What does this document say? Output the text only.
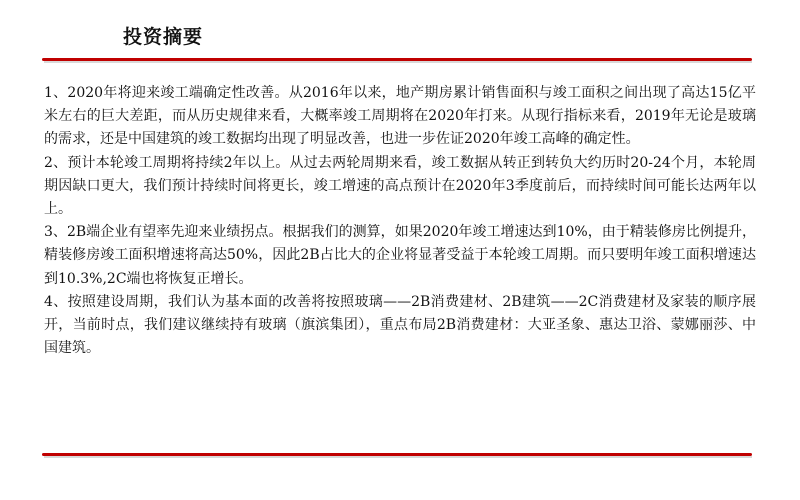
投资摘要

1、2020年将迎来竣工端确定性改善。从2016年以来，地产期房累计销售面积与竣工面积之间出现了高达15亿平米左右的巨大差距，而从历史规律来看，大概率竣工周期将在2020年打来。从现行指标来看，2019年无论是玻璃的需求，还是中国建筑的竣工数据均出现了明显改善，也进一步佐证2020年竣工高峰的确定性。

2、预计本轮竣工周期将持续2年以上。从过去两轮周期来看，竣工数据从转正到转负大约历时20-24个月，本轮周期因缺口更大，我们预计持续时间将更长，竣工增速的高点预计在2020年3季度前后，而持续时间可能长达两年以上。

3、2B端企业有望率先迎来业绩拐点。根据我们的测算，如果2020年竣工增速达到10%，由于精装修房比例提升，精装修房竣工面积增速将高达50%，因此2B占比大的企业将显著受益于本轮竣工周期。而只要明年竣工面积增速达到10.3%,2C端也将恢复正增长。

4、按照建设周期，我们认为基本面的改善将按照玻璃——2B消费建材、2B建筑——2C消费建材及家装的顺序展开，当前时点，我们建议继续持有玻璃（旗滨集团），重点布局2B消费建材：大亚圣象、惠达卫浴、蒙娜丽莎、中国建筑。
